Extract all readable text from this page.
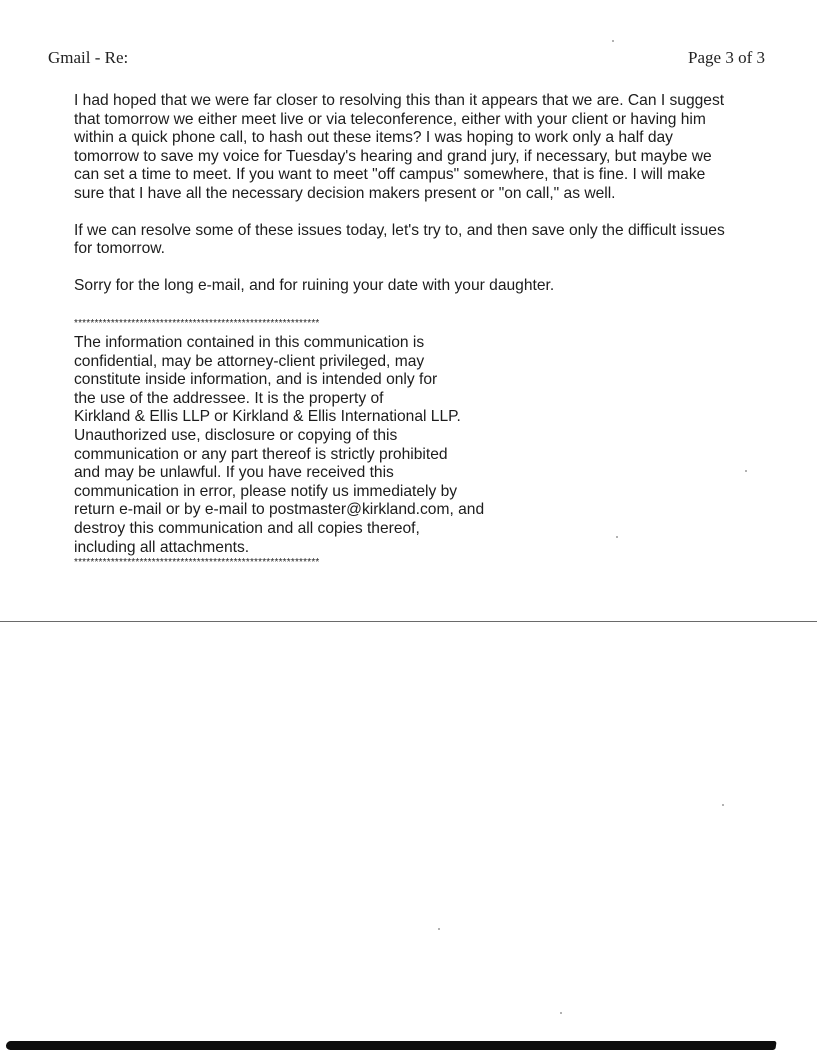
Gmail - Re:	Page 3 of 3
I had hoped that we were far closer to resolving this than it appears that we are. Can I suggest
that tomorrow we either meet live or via teleconference, either with your client or having him
within a quick phone call, to hash out these items? I was hoping to work only a half day
tomorrow to save my voice for Tuesday's hearing and grand jury, if necessary, but maybe we
can set a time to meet. If you want to meet "off campus" somewhere, that is fine. I will make
sure that I have all the necessary decision makers present or "on call," as well.
If we can resolve some of these issues today, let's try to, and then save only the difficult issues
for tomorrow.
Sorry for the long e-mail, and for ruining your date with your daughter.
************************************************************
The information contained in this communication is
confidential, may be attorney-client privileged, may
constitute inside information, and is intended only for
the use of the addressee. It is the property of
Kirkland & Ellis LLP or Kirkland & Ellis International LLP.
Unauthorized use, disclosure or copying of this
communication or any part thereof is strictly prohibited
and may be unlawful. If you have received this
communication in error, please notify us immediately by
return e-mail or by e-mail to postmaster@kirkland.com, and
destroy this communication and all copies thereof,
including all attachments.
************************************************************
